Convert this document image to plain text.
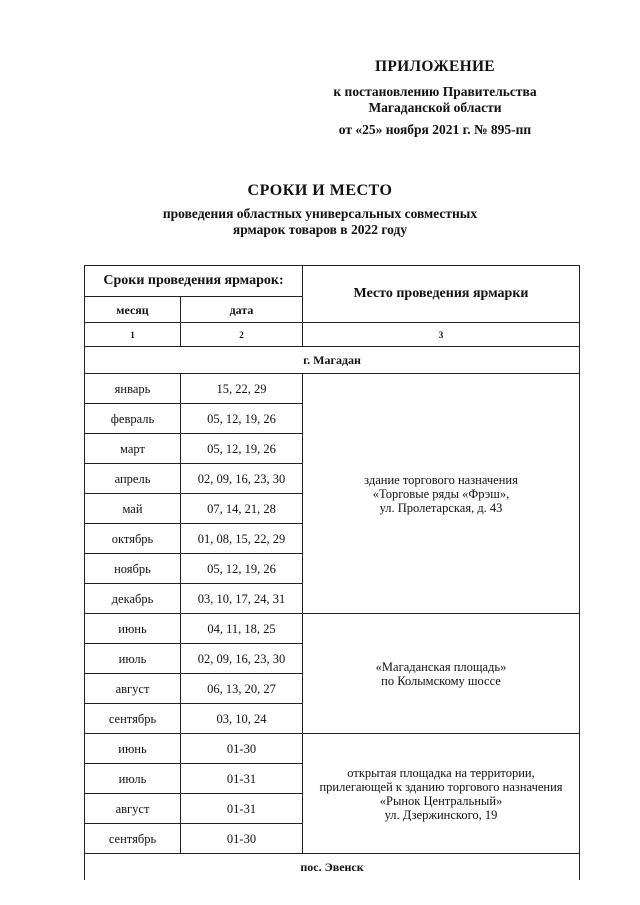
ПРИЛОЖЕНИЕ
к постановлению Правительства
Магаданской области
от «25» ноября 2021 г. № 895-пп
СРОКИ И МЕСТО
проведения областных универсальных совместных
ярмарок товаров в 2022 году
Сроки проведения ярмарок:		Место проведения ярмарки
месяц	дата	
1	2	3
г. Магадан		
январь	15, 22, 29	здание торгового назначения
«Торговые ряды «Фрэш»,
ул. Пролетарская, д. 43

февраль	05, 12, 19, 26	
март	05, 12, 19, 26	
апрель	02, 09, 16, 23, 30	
май	07, 14, 21, 28	
октябрь	01, 08, 15, 22, 29	
ноябрь	05, 12, 19, 26	
декабрь	03, 10, 17, 24, 31	
июнь	04, 11, 18, 25	«Магаданская площадь»
по Колымскому шоссе

июль	02, 09, 16, 23, 30	
август	06, 13, 20, 27	
сентябрь	03, 10, 24	
июнь	01-30	открытая площадка на территории,
прилегающей к зданию торгового назначения
«Рынок Центральный»
ул. Дзержинского, 19

июль	01-31	
август	01-31	
сентябрь	01-30	
пос. Эвенск		
